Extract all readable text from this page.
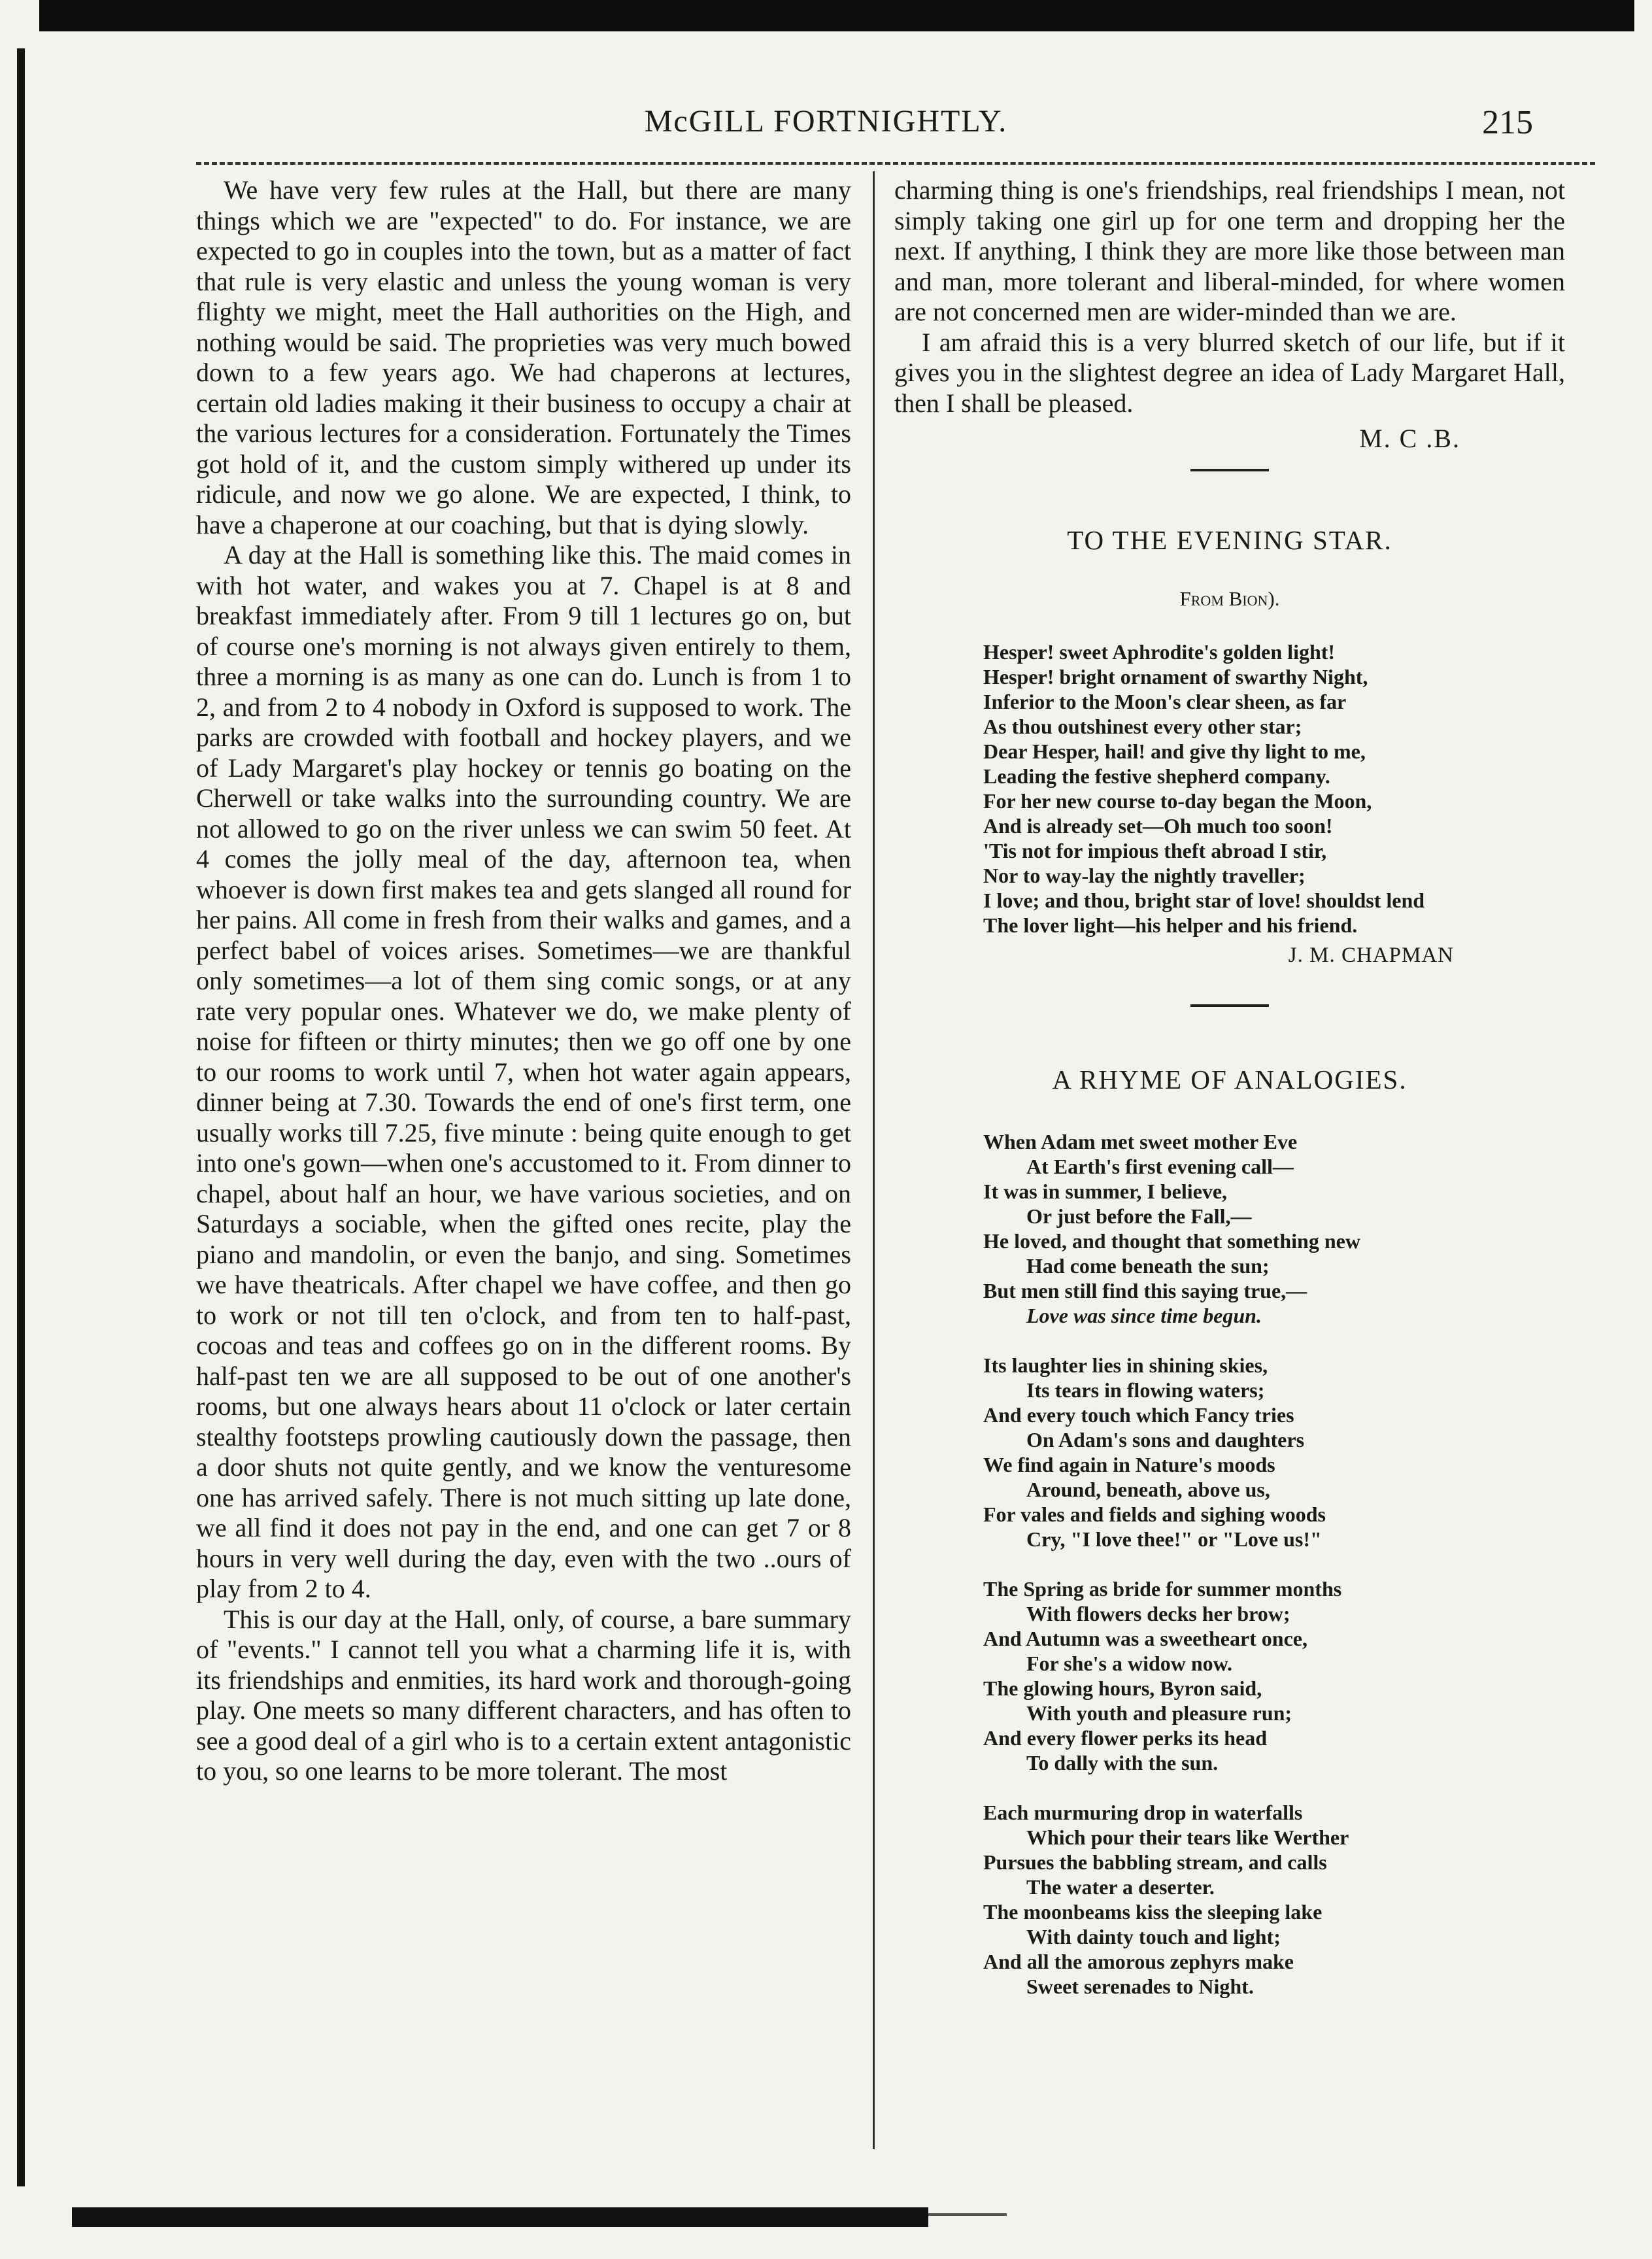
McGILL FORTNIGHTLY.	215

We have very few rules at the Hall, but there are many things which we are "expected" to do. For instance, we are expected to go in couples into the town, but as a matter of fact that rule is very elastic and unless the young woman is very flighty we might, meet the Hall authorities on the High, and nothing would be said. The proprieties was very much bowed down to a few years ago. We had chaperons at lectures, certain old ladies making it their business to occupy a chair at the various lectures for a consideration. Fortunately the Times got hold of it, and the custom simply withered up under its ridicule, and now we go alone. We are expected, I think, to have a chaperone at our coaching, but that is dying slowly.

A day at the Hall is something like this. The maid comes in with hot water, and wakes you at 7. Chapel is at 8 and breakfast immediately after. From 9 till 1 lectures go on, but of course one's morning is not always given entirely to them, three a morning is as many as one can do. Lunch is from 1 to 2, and from 2 to 4 nobody in Oxford is supposed to work. The parks are crowded with football and hockey players, and we of Lady Margaret's play hockey or tennis go boating on the Cherwell or take walks into the surrounding country. We are not allowed to go on the river unless we can swim 50 feet. At 4 comes the jolly meal of the day, afternoon tea, when whoever is down first makes tea and gets slanged all round for her pains. All come in fresh from their walks and games, and a perfect babel of voices arises. Sometimes—we are thankful only sometimes—a lot of them sing comic songs, or at any rate very popular ones. Whatever we do, we make plenty of noise for fifteen or thirty minutes; then we go off one by one to our rooms to work until 7, when hot water again appears, dinner being at 7.30. Towards the end of one's first term, one usually works till 7.25, five minute : being quite enough to get into one's gown—when one's accustomed to it. From dinner to chapel, about half an hour, we have various societies, and on Saturdays a sociable, when the gifted ones recite, play the piano and mandolin, or even the banjo, and sing. Sometimes we have theatricals. After chapel we have coffee, and then go to work or not till ten o'clock, and from ten to half-past, cocoas and teas and coffees go on in the different rooms. By half-past ten we are all supposed to be out of one another's rooms, but one always hears about 11 o'clock or later certain stealthy footsteps prowling cautiously down the passage, then a door shuts not quite gently, and we know the venturesome one has arrived safely. There is not much sitting up late done, we all find it does not pay in the end, and one can get 7 or 8 hours in very well during the day, even with the two ..ours of play from 2 to 4.

This is our day at the Hall, only, of course, a bare summary of "events." I cannot tell you what a charming life it is, with its friendships and enmities, its hard work and thorough-going play. One meets so many different characters, and has often to see a good deal of a girl who is to a certain extent antagonistic to you, so one learns to be more tolerant. The most

charming thing is one's friendships, real friendships I mean, not simply taking one girl up for one term and dropping her the next. If anything, I think they are more like those between man and man, more tolerant and liberal-minded, for where women are not concerned men are wider-minded than we are.

I am afraid this is a very blurred sketch of our life, but if it gives you in the slightest degree an idea of Lady Margaret Hall, then I shall be pleased.

M. C .B.
TO THE EVENING STAR.
From Bion).
Hesper! sweet Aphrodite's golden light!
Hesper! bright ornament of swarthy Night,
Inferior to the Moon's clear sheen, as far
As thou outshinest every other star;
Dear Hesper, hail! and give thy light to me,
Leading the festive shepherd company.
For her new course to-day began the Moon,
And is already set—Oh much too soon!
'Tis not for impious theft abroad I stir,
Nor to way-lay the nightly traveller;
I love; and thou, bright star of love! shouldst lend
The lover light—his helper and his friend.
J. M. CHAPMAN
A RHYME OF ANALOGIES.
When Adam met sweet mother Eve
At Earth's first evening call—
It was in summer, I believe,
Or just before the Fall,—
He loved, and thought that something new
Had come beneath the sun;
But men still find this saying true,—
Love was since time begun.
Its laughter lies in shining skies,
Its tears in flowing waters;
And every touch which Fancy tries
On Adam's sons and daughters
We find again in Nature's moods
Around, beneath, above us,
For vales and fields and sighing woods
Cry, "I love thee!" or "Love us!"
The Spring as bride for summer months
With flowers decks her brow;
And Autumn was a sweetheart once,
For she's a widow now.
The glowing hours, Byron said,
With youth and pleasure run;
And every flower perks its head
To dally with the sun.
Each murmuring drop in waterfalls
Which pour their tears like Werther
Pursues the babbling stream, and calls
The water a deserter.
The moonbeams kiss the sleeping lake
With dainty touch and light;
And all the amorous zephyrs make
Sweet serenades to Night.
